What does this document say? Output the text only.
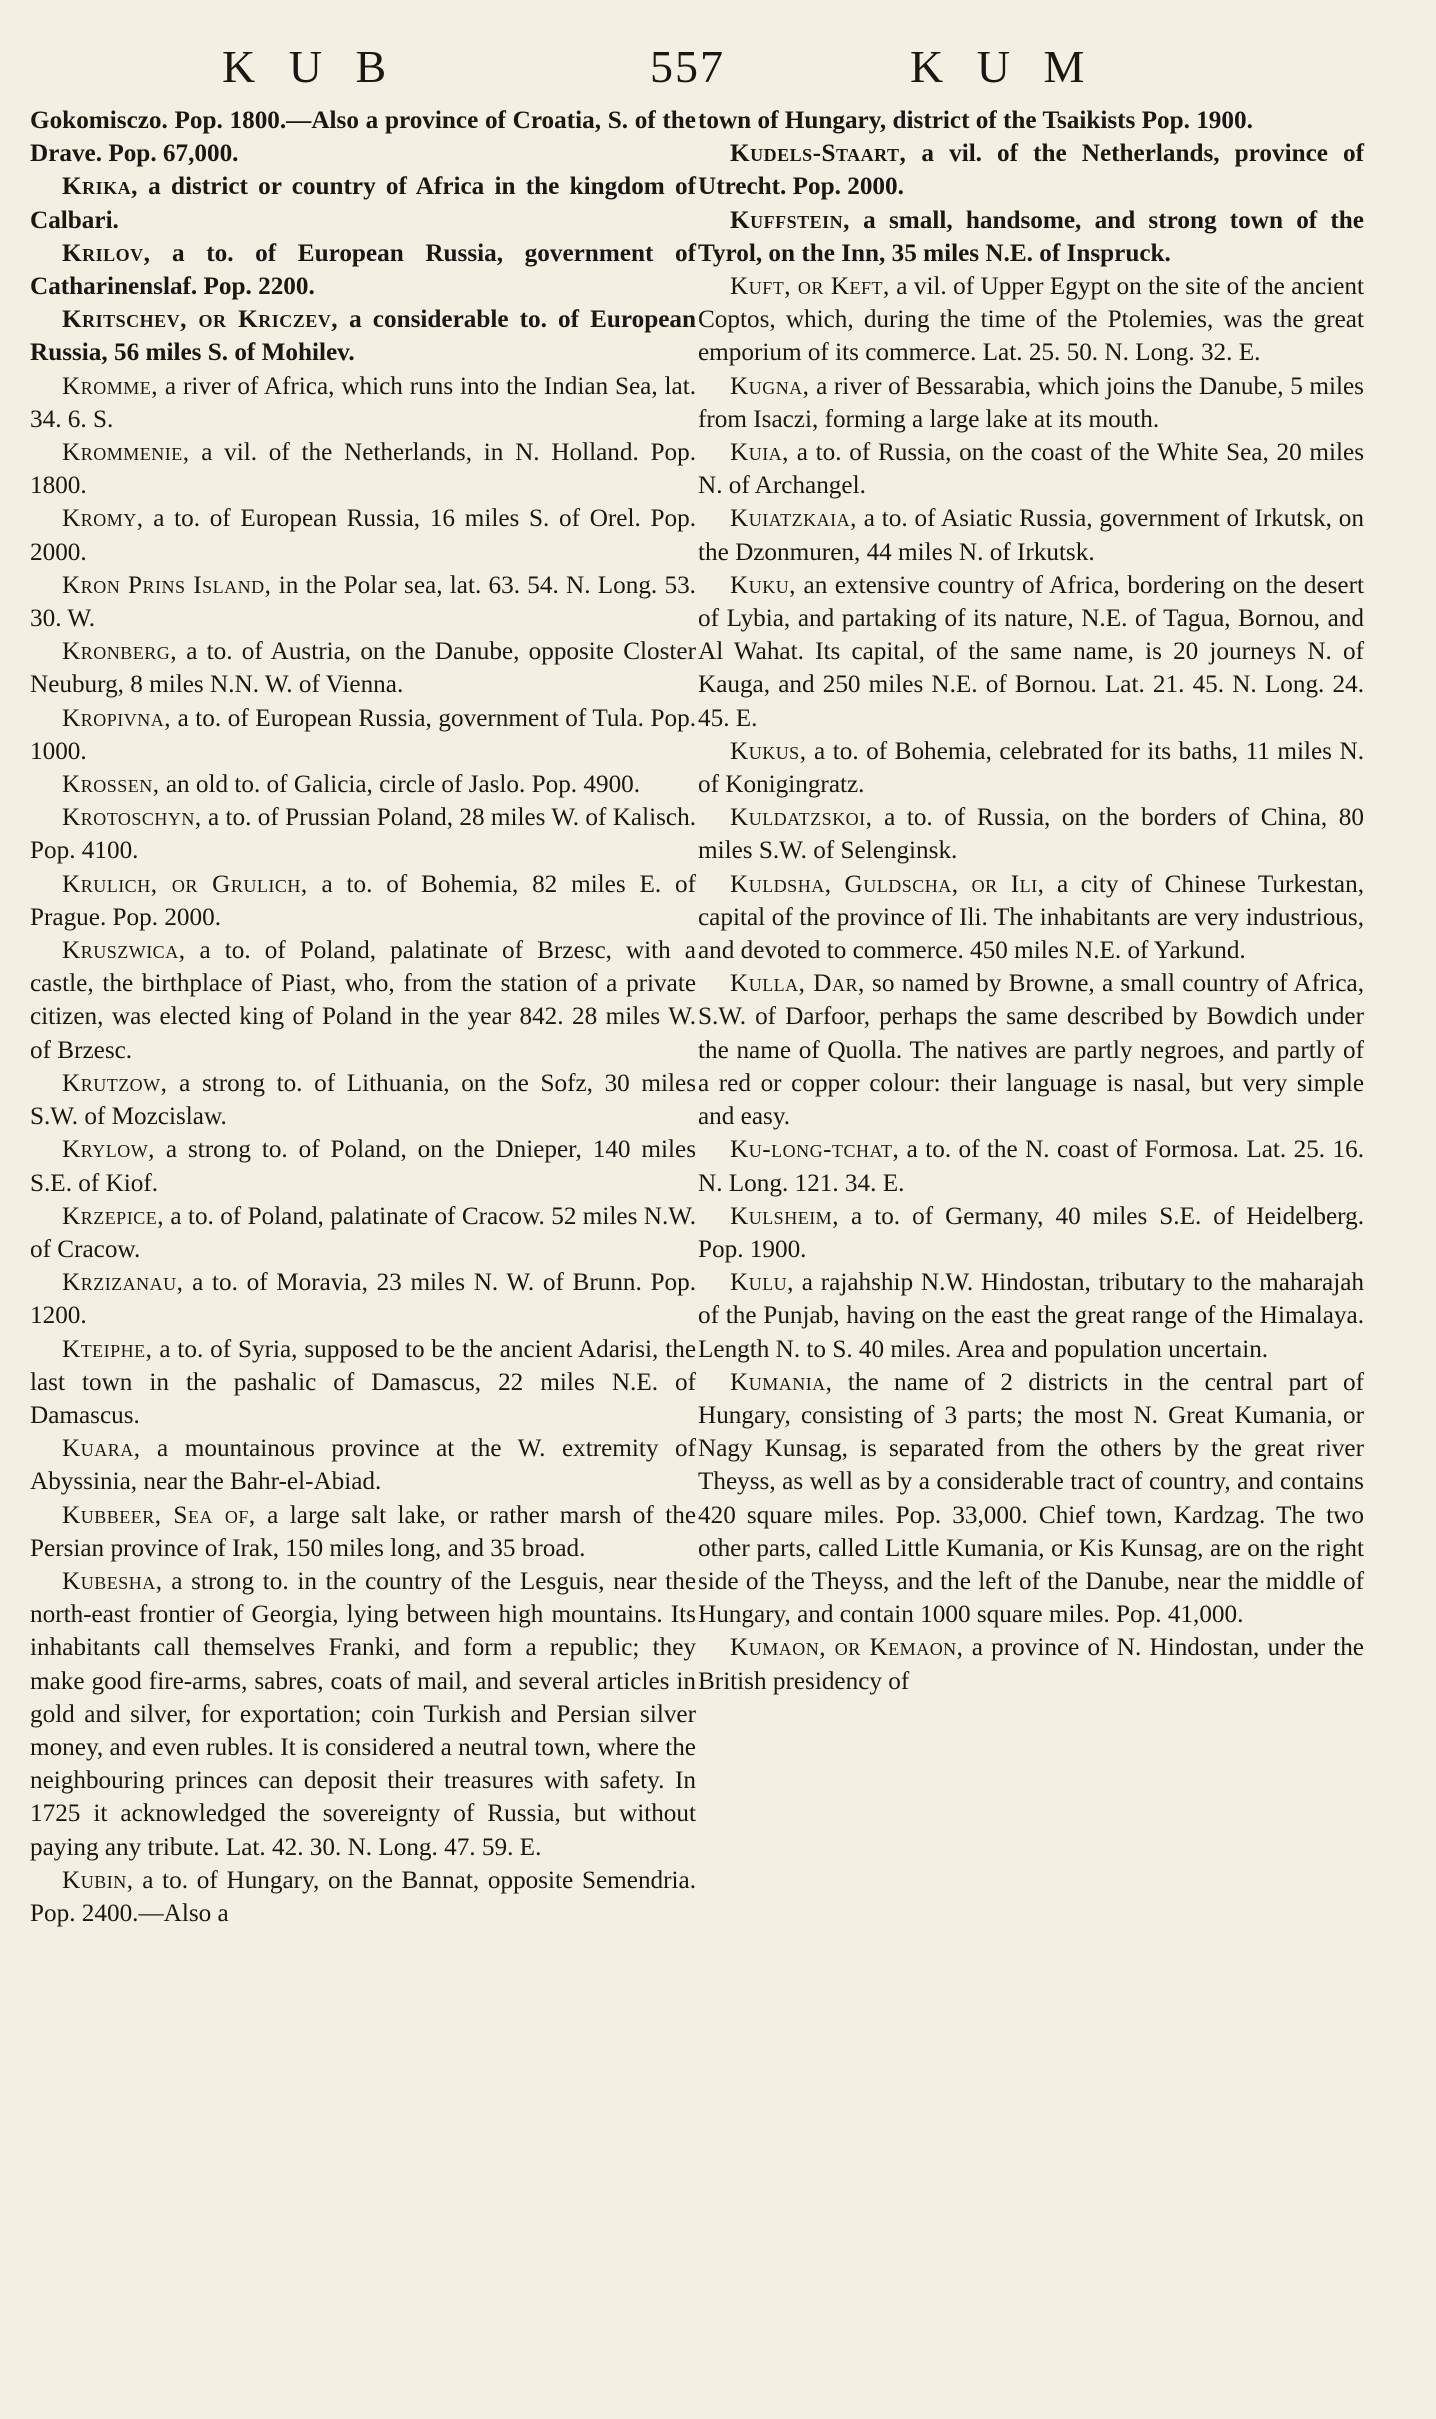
K U B	557	K U M

Gokomisczo. Pop. 1800.—Also a province of Croatia, S. of the Drave. Pop. 67,000.

Krika, a district or country of Africa in the kingdom of Calbari.

Krilov, a to. of European Russia, government of Catharinenslaf. Pop. 2200.

Kritschev, or Kriczev, a considerable to. of European Russia, 56 miles S. of Mohilev.

Kromme, a river of Africa, which runs into the Indian Sea, lat. 34. 6. S.

Krommenie, a vil. of the Netherlands, in N. Holland. Pop. 1800.

Kromy, a to. of European Russia, 16 miles S. of Orel. Pop. 2000.

Kron Prins Island, in the Polar sea, lat. 63. 54. N. Long. 53. 30. W.

Kronberg, a to. of Austria, on the Danube, opposite Closter Neuburg, 8 miles N.N. W. of Vienna.

Kropivna, a to. of European Russia, government of Tula. Pop. 1000.

Krossen, an old to. of Galicia, circle of Jaslo. Pop. 4900.

Krotoschyn, a to. of Prussian Poland, 28 miles W. of Kalisch. Pop. 4100.

Krulich, or Grulich, a to. of Bohemia, 82 miles E. of Prague. Pop. 2000.

Kruszwica, a to. of Poland, palatinate of Brzesc, with a castle, the birthplace of Piast, who, from the station of a private citizen, was elected king of Poland in the year 842. 28 miles W. of Brzesc.

Krutzow, a strong to. of Lithuania, on the Sofz, 30 miles S.W. of Mozcislaw.

Krylow, a strong to. of Poland, on the Dnieper, 140 miles S.E. of Kiof.

Krzepice, a to. of Poland, palatinate of Cracow. 52 miles N.W. of Cracow.

Krzizanau, a to. of Moravia, 23 miles N. W. of Brunn. Pop. 1200.

Kteiphe, a to. of Syria, supposed to be the ancient Adarisi, the last town in the pashalic of Damascus, 22 miles N.E. of Damascus.

Kuara, a mountainous province at the W. extremity of Abyssinia, near the Bahr-el-Abiad.

Kubbeer, Sea of, a large salt lake, or rather marsh of the Persian province of Irak, 150 miles long, and 35 broad.

Kubesha, a strong to. in the country of the Lesguis, near the north-east frontier of Georgia, lying between high mountains. Its inhabitants call themselves Franki, and form a republic; they make good fire-arms, sabres, coats of mail, and several articles in gold and silver, for exportation; coin Turkish and Persian silver money, and even rubles. It is considered a neutral town, where the neighbouring princes can deposit their treasures with safety. In 1725 it acknowledged the sovereignty of Russia, but without paying any tribute. Lat. 42. 30. N. Long. 47. 59. E.

Kubin, a to. of Hungary, on the Bannat, opposite Semendria. Pop. 2400.—Also a

town of Hungary, district of the Tsaikists Pop. 1900.

Kudels-Staart, a vil. of the Netherlands, province of Utrecht. Pop. 2000.

Kuffstein, a small, handsome, and strong town of the Tyrol, on the Inn, 35 miles N.E. of Inspruck.

Kuft, or Keft, a vil. of Upper Egypt on the site of the ancient Coptos, which, during the time of the Ptolemies, was the great emporium of its commerce. Lat. 25. 50. N. Long. 32. E.

Kugna, a river of Bessarabia, which joins the Danube, 5 miles from Isaczi, forming a large lake at its mouth.

Kuia, a to. of Russia, on the coast of the White Sea, 20 miles N. of Archangel.

Kuiatzkaia, a to. of Asiatic Russia, government of Irkutsk, on the Dzonmuren, 44 miles N. of Irkutsk.

Kuku, an extensive country of Africa, bordering on the desert of Lybia, and partaking of its nature, N.E. of Tagua, Bornou, and Al Wahat. Its capital, of the same name, is 20 journeys N. of Kauga, and 250 miles N.E. of Bornou. Lat. 21. 45. N. Long. 24. 45. E.

Kukus, a to. of Bohemia, celebrated for its baths, 11 miles N. of Konigingratz.

Kuldatzskoi, a to. of Russia, on the borders of China, 80 miles S.W. of Selenginsk.

Kuldsha, Guldscha, or Ili, a city of Chinese Turkestan, capital of the province of Ili. The inhabitants are very industrious, and devoted to commerce. 450 miles N.E. of Yarkund.

Kulla, Dar, so named by Browne, a small country of Africa, S.W. of Darfoor, perhaps the same described by Bowdich under the name of Quolla. The natives are partly negroes, and partly of a red or copper colour: their language is nasal, but very simple and easy.

Ku-long-tchat, a to. of the N. coast of Formosa. Lat. 25. 16. N. Long. 121. 34. E.

Kulsheim, a to. of Germany, 40 miles S.E. of Heidelberg. Pop. 1900.

Kulu, a rajahship N.W. Hindostan, tributary to the maharajah of the Punjab, having on the east the great range of the Himalaya. Length N. to S. 40 miles. Area and population uncertain.

Kumania, the name of 2 districts in the central part of Hungary, consisting of 3 parts; the most N. Great Kumania, or Nagy Kunsag, is separated from the others by the great river Theyss, as well as by a considerable tract of country, and contains 420 square miles. Pop. 33,000. Chief town, Kardzag. The two other parts, called Little Kumania, or Kis Kunsag, are on the right side of the Theyss, and the left of the Danube, near the middle of Hungary, and contain 1000 square miles. Pop. 41,000.

Kumaon, or Kemaon, a province of N. Hindostan, under the British presidency of
